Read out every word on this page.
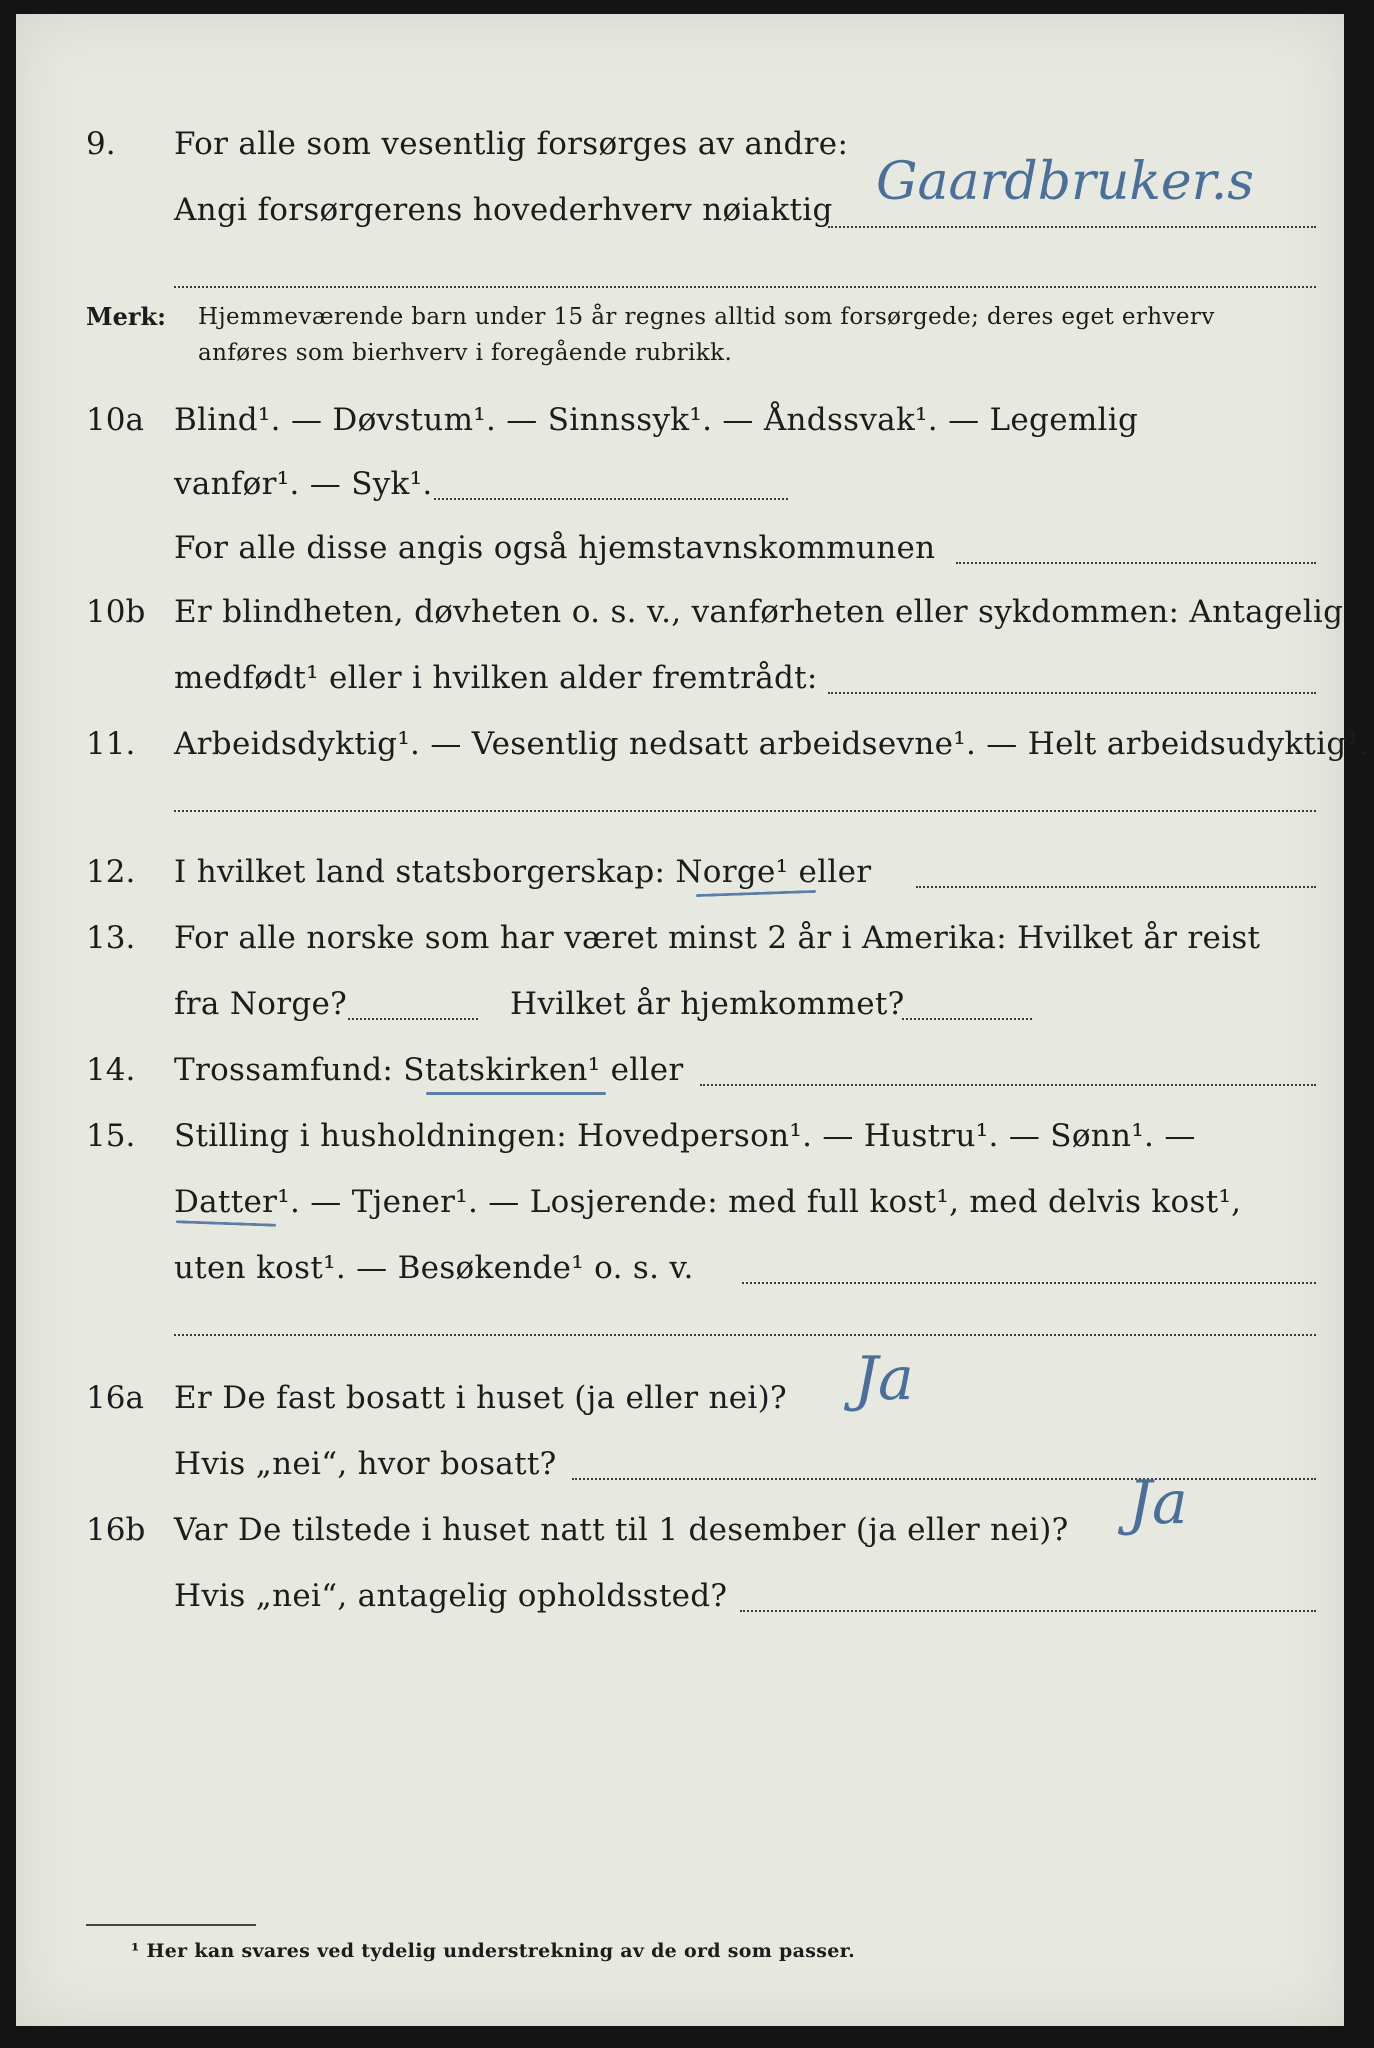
9. For alle som vesentlig forsørges av andre:
Angi forsørgerens hovederhverv nøiaktig Gaardbruker.s
Merk: Hjemmeværende barn under 15 år regnes alltid som forsørgede; deres eget erhverv
anføres som bierhverv i foregående rubrikk.
10a Blind¹. — Døvstum¹. — Sinnssyk¹. — Åndssvak¹. — Legemlig
vanfør¹. — Syk¹.
For alle disse angis også hjemstavnskommunen
10b Er blindheten, døvheten o. s. v., vanførheten eller sykdommen: Antagelig
medfødt¹ eller i hvilken alder fremtrådt:
11. Arbeidsdyktig¹. — Vesentlig nedsatt arbeidsevne¹. — Helt arbeidsudyktig¹.
12. I hvilket land statsborgerskap: Norge¹ eller
13. For alle norske som har været minst 2 år i Amerika: Hvilket år reist
fra Norge?	Hvilket år hjemkommet?
14. Trossamfund: Statskirken¹ eller
15. Stilling i husholdningen: Hovedperson¹. — Hustru¹. — Sønn¹. —
Datter¹. — Tjener¹. — Losjerende: med full kost¹, med delvis kost¹,
uten kost¹. — Besøkende¹ o. s. v.
16a Er De fast bosatt i huset (ja eller nei)? Ja
Hvis „nei“, hvor bosatt?
16b Var De tilstede i huset natt til 1 desember (ja eller nei)? Ja
Hvis „nei“, antagelig opholdssted?
¹ Her kan svares ved tydelig understrekning av de ord som passer.
